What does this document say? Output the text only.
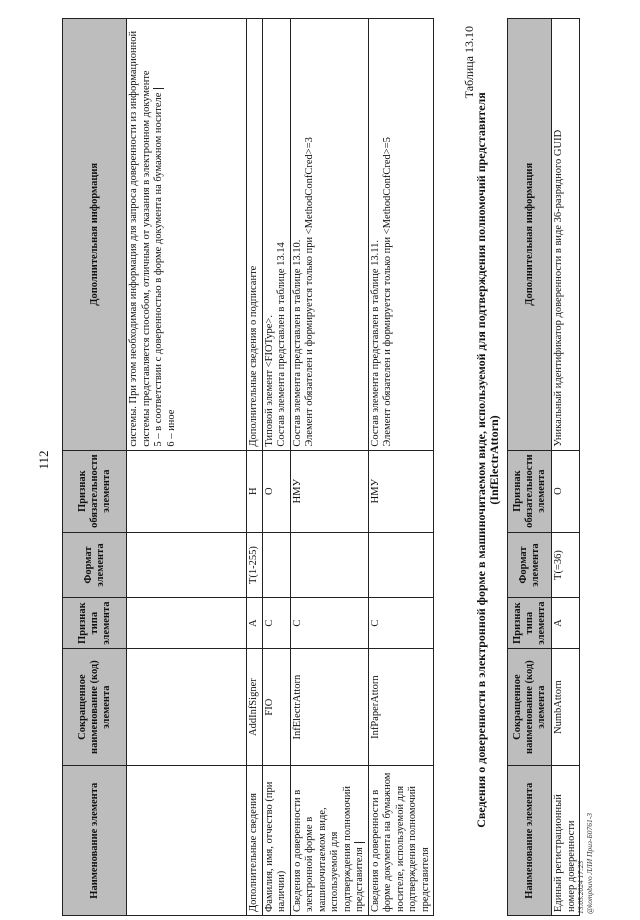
112
Наименование элемента	Сокращенное наименование (код) элемента	Признак типа элемента	Формат элемента	Признак обязательности элемента	Дополнительная информация

					системы. При этом необходимая информация для запроса доверенности из информационной системы представляется способом, отличным от указания в электронном документе 5 – в соответствии с доверенностью в форме документа на бумажном носителе 6 – иное

Дополнительные сведения	AddInfSigner	А	T(1-255)	Н	Дополнительные сведения о подписанте

Фамилия, имя, отчество (при наличии)	FIO	С		О	Типовой элемент <FIOType>. Состав элемента представлен в таблице 13.14

Сведения о доверенности в электронной форме в машиночитаемом виде, используемой для подтверждения полномочий представителя	InfElectrAttorn	С		НМУ	Состав элемента представлен в таблице 13.10. Элемент обязателен и формируется только при <MethodConfCred>=3

Сведения о доверенности в форме документа на бумажном носителе, используемой для подтверждения полномочий представителя	InfPaperAttorn	С		НМУ	Состав элемента представлен в таблице 13.11. Элемент обязателен и формируется только при <MethodConfCred>=5
Таблица 13.10
Сведения о доверенности в электронной форме в машиночитаемом виде, используемой для подтверждения полномочий представителя (InfElectrAttorn)
Наименование элемента	Сокращенное наименование (код) элемента	Признак типа элемента	Формат элемента	Признак обязательности элемента	Дополнительная информация
Единый регистрационный номер доверенности	NumbAttorn	А	T(=36)	О	Уникальный идентификатор доверенности в виде 36-разрядного GUID
13.05.2024 17:23 @kompbuvo ЛЛИ Приз-Б0761-3
